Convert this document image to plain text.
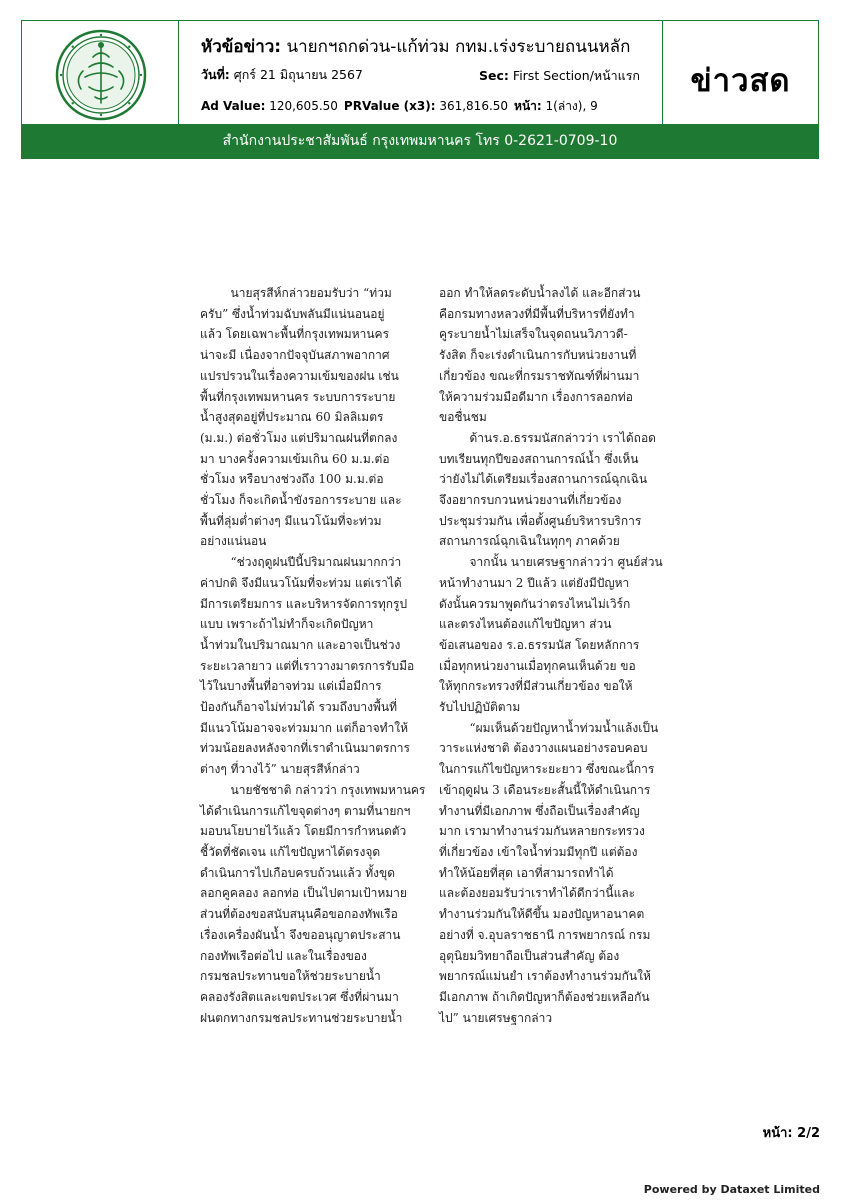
หัวข้อข่าว: นายกฯถกด่วน-แก้ท่วม กทม.เร่งระบายถนนหลัก
วันที่: ศุกร์ 21 มิถุนายน 2567	Sec: First Section/หน้าแรก
Ad Value: 120,605.50 PRValue (x3): 361,816.50 หน้า: 1(ล่าง), 9
ข่าวสด
สำนักงานประชาสัมพันธ์ กรุงเทพมหานคร โทร 0-2621-0709-10

นายสุรสีห์กล่าวยอมรับว่า “ท่วม

ครับ” ซึ่งน้ำท่วมฉับพลันมีแน่นอนอยู่

แล้ว โดยเฉพาะพื้นที่กรุงเทพมหานคร

น่าจะมี เนื่องจากปัจจุบันสภาพอากาศ

แปรปรวนในเรื่องความเข้มของฝน เช่น

พื้นที่กรุงเทพมหานคร ระบบการระบาย

น้ำสูงสุดอยู่ที่ประมาณ 60 มิลลิเมตร

(ม.ม.) ต่อชั่วโมง แต่ปริมาณฝนที่ตกลง

มา บางครั้งความเข้มเกิน 60 ม.ม.ต่อ

ชั่วโมง หรือบางช่วงถึง 100 ม.ม.ต่อ

ชั่วโมง ก็จะเกิดน้ำขังรอการระบาย และ

พื้นที่ลุ่มต่ำต่างๆ มีแนวโน้มที่จะท่วม

อย่างแน่นอน

“ช่วงฤดูฝนปีนี้ปริมาณฝนมากกว่า

ค่าปกติ จึงมีแนวโน้มที่จะท่วม แต่เราได้

มีการเตรียมการ และบริหารจัดการทุกรูป

แบบ เพราะถ้าไม่ทำก็จะเกิดปัญหา

น้ำท่วมในปริมาณมาก และอาจเป็นช่วง

ระยะเวลายาว แต่ที่เราวางมาตรการรับมือ

ไว้ในบางพื้นที่อาจท่วม แต่เมื่อมีการ

ป้องกันก็อาจไม่ท่วมได้ รวมถึงบางพื้นที่

มีแนวโน้มอาจจะท่วมมาก แต่ก็อาจทำให้

ท่วมน้อยลงหลังจากที่เราดำเนินมาตรการ

ต่างๆ ที่วางไว้” นายสุรสีห์กล่าว

นายชัชชาติ กล่าวว่า กรุงเทพมหานคร

ได้ดำเนินการแก้ไขจุดต่างๆ ตามที่นายกฯ

มอบนโยบายไว้แล้ว โดยมีการกำหนดตัว

ชี้วัดที่ชัดเจน แก้ไขปัญหาได้ตรงจุด

ดำเนินการไปเกือบครบถ้วนแล้ว ทั้งขุด

ลอกคูคลอง ลอกท่อ เป็นไปตามเป้าหมาย

ส่วนที่ต้องขอสนับสนุนคือขอกองทัพเรือ

เรื่องเครื่องผันน้ำ จึงขออนุญาตประสาน

กองทัพเรือต่อไป และในเรื่องของ

กรมชลประทานขอให้ช่วยระบายน้ำ

คลองรังสิตและเขตประเวศ ซึ่งที่ผ่านมา

ฝนตกทางกรมชลประทานช่วยระบายน้ำ

ออก ทำให้ลดระดับน้ำลงได้ และอีกส่วน

คือกรมทางหลวงที่มีพื้นที่บริหารที่ยังทำ

คูระบายน้ำไม่เสร็จในจุดถนนวิภาวดี-

รังสิต ก็จะเร่งดำเนินการกับหน่วยงานที่

เกี่ยวข้อง ขณะที่กรมราชทัณฑ์ที่ผ่านมา

ให้ความร่วมมือดีมาก เรื่องการลอกท่อ

ขอชื่นชม

ด้านร.อ.ธรรมนัสกล่าวว่า เราได้ถอด

บทเรียนทุกปีของสถานการณ์น้ำ ซึ่งเห็น

ว่ายังไม่ได้เตรียมเรื่องสถานการณ์ฉุกเฉิน

จึงอยากรบกวนหน่วยงานที่เกี่ยวข้อง

ประชุมร่วมกัน เพื่อตั้งศูนย์บริหารบริการ

สถานการณ์ฉุกเฉินในทุกๆ ภาคด้วย

จากนั้น นายเศรษฐากล่าวว่า ศูนย์ส่วน

หน้าทำงานมา 2 ปีแล้ว แต่ยังมีปัญหา

ดังนั้นควรมาพูดกันว่าตรงไหนไม่เวิร์ก

และตรงไหนต้องแก้ไขปัญหา ส่วน

ข้อเสนอของ ร.อ.ธรรมนัส โดยหลักการ

เมื่อทุกหน่วยงานเมื่อทุกคนเห็นด้วย ขอ

ให้ทุกกระทรวงที่มีส่วนเกี่ยวข้อง ขอให้

รับไปปฏิบัติตาม

“ผมเห็นด้วยปัญหาน้ำท่วมน้ำแล้งเป็น

วาระแห่งชาติ ต้องวางแผนอย่างรอบคอบ

ในการแก้ไขปัญหาระยะยาว ซึ่งขณะนี้การ

เข้าฤดูฝน 3 เดือนระยะสั้นนี้ให้ดำเนินการ

ทำงานที่มีเอกภาพ ซึ่งถือเป็นเรื่องสำคัญ

มาก เรามาทำงานร่วมกันหลายกระทรวง

ที่เกี่ยวข้อง เข้าใจน้ำท่วมมีทุกปี แต่ต้อง

ทำให้น้อยที่สุด เอาที่สามารถทำได้

และต้องยอมรับว่าเราทำได้ดีกว่านี้และ

ทำงานร่วมกันให้ดีขึ้น มองปัญหาอนาคต

อย่างที่ จ.อุบลราชธานี การพยากรณ์ กรม

อุตุนิยมวิทยาถือเป็นส่วนสำคัญ ต้อง

พยากรณ์แม่นยำ เราต้องทำงานร่วมกันให้

มีเอกภาพ ถ้าเกิดปัญหาก็ต้องช่วยเหลือกัน

ไป” นายเศรษฐากล่าว

หน้า: 2/2
Powered by Dataxet Limited
